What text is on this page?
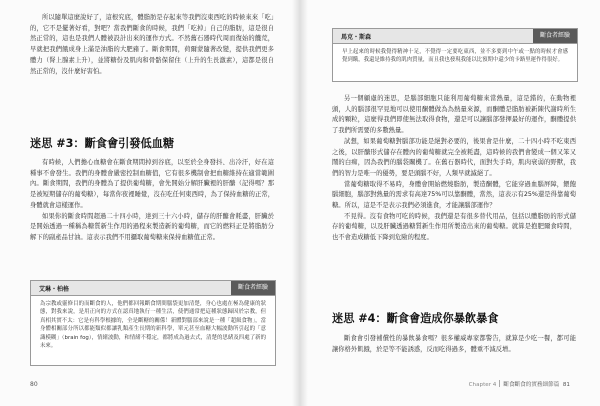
所以隨單這麼說好了，這根究底，體脂肪是存起來等我們沒東西吃的時候來來「吃」的，它不是擺著好看，對吧？當我們斷食的時候，我們「吃掉」自己的脂肪，這是很自然正常的，這也是我們人體被設計出來的運作方式。不然舊石器時代周而復始的饑荒，早就把我們餓成身上滿是油脂的大肥豬了。斷食期間，荷爾蒙隨著改變，提供我們更多體力（腎上腺素上升），並將糖份及肌肉和骨骼保留住（上升的生長激素），這都是很自然正常的，沒什麼好害怕。

迷思 #3：斷食會引發低血糖

有時候，人們擔心血糖會在斷食期間掉到谷底，以至於全身發抖、出冷汗，好在這種事不會發生。我們的身體會嚴密控制血糖值，它有很多機制會把血糖維持在適當範圍內。斷食期間，我們的身體為了提供葡萄糖，會先開始分解肝臟裡的肝醣（記得嗎？那是被短期儲存的葡萄糖），每當你夜裡睡覺，沒在吃任何東西時，為了保持血糖的正常，身體就會這樣運作。

如果你的斷食時間超過二十四小時，達到三十六小時，儲存的肝醣會耗盡，肝臟於是開始透過一種稱為糖質新生作用的過程來製造新的葡萄糖，而它的燃料正是將脂肪分解下的副產品甘油。這表示我們不用攝取葡萄糖來保持血糖值正常。

艾琳・柏格	斷食者經驗
為宗教或靈修目的而斷食的人，他們都回報斷食期間腦袋更加清楚，身心也處在極為健康的狀態，對我來說，是用正向的方式在認真地執行一種生活，使們通常把這種狀態歸因於宗教，但真相其實不太：它是有科學根據的，全是斷糖的關係！新體對腦部來說是一種「超級食物」，當身體相關部分所以都能類似都讓乳類產生長期的新科學，單元甚至血糖大幅波動所引起的「意識模糊」（brain fog），情緒波動，和情緒不穩定，都將成為過去式，清楚的思緒及四處了新的未來。
80
馬克・斯森	斷食者經驗
早上起來的時候我覺得精神十足，不覺得一定要吃東西，並不多要到中午或一點的時候才會感覺到餓，我還是維持我的肌肉質量，而且我也發現我能以比預期中還少的卡路里運作得很好。

另一個顧慮的迷思，是腦部細胞只能利用葡萄糖來當熱量，這是錯的，在動物裡頭，人的腦部很罕見地可以使用酮體做為為熱量來源，而酮體是脂肪被新陳代謝時所生成的顆粒，這麼得我們即使無法取得食物，還是可以讓腦部發揮最好的運作，酮體提供了我們所需要的多數熱量。

試想，如果葡萄糖對腦部功能是絕對必要的，後果會是什麼，二十四小時不吃東西之後，以肝醣形式儲存在體內的葡萄糖就完全被耗盡，這時候的我們會變成一個又笨又鬧的白痴，因為我們的腦袋關機了。在舊石器時代，面對失手時，肌肉衰弱的野獸，我們的智力是唯一的優勢，要是頭腦不好，人類早就滅絕了。

當葡萄糖取得不易時，身體會開始燃燒脂肪，製造酮體，它能穿過血腦屏障，餵飽腦細胞，腦部對熱量的需求有高達75%可以靠酮體，當然，這表示有25%還是得靠葡萄糖。所以，這是不是表示我們必須進食，才能讓腦部運作？

不見得。沒有食物可吃的時候，我們還是有很多替代用品，包括以體脂肪的形式儲存的葡萄糖，以及肝臟透過糖質新生作用所製造出來的葡萄糖。就算是抱肥爾食時間，也不會造成糖低下降到危險的程度。

迷思 #4：斷食會造成你暴飲暴食

斷食會引發補償性的暴飲暴食嗎？很多權威專家都警告，就算是少吃一餐，都可能讓你格外飢餓，於是等不能誘惑，反而吃得過多，體重不減反增。

Chapter 4 斷食斷食的實務細節篇 81
